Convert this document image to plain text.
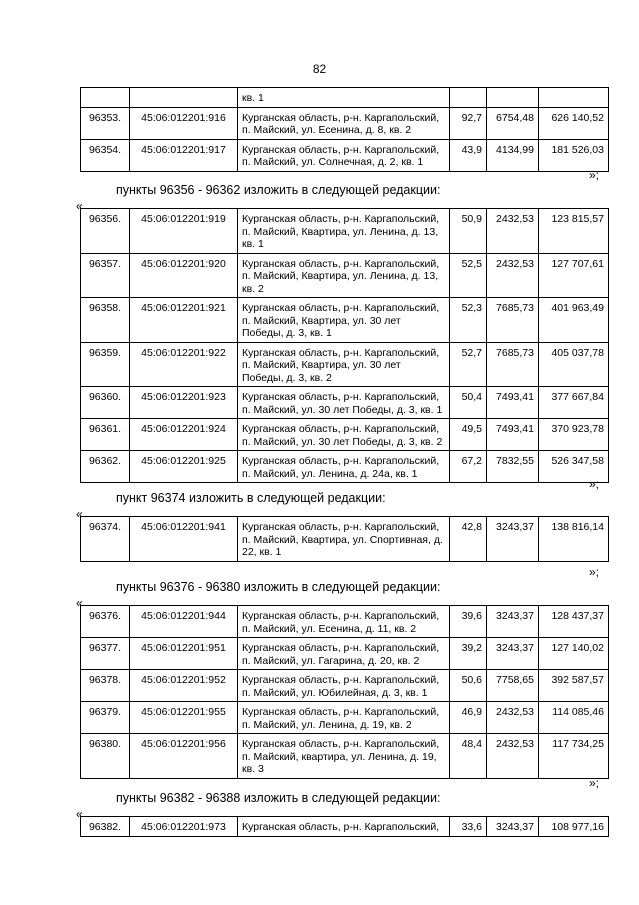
82
		кв. 1			
96353.	45:06:012201:916	Курганская область, р-н. Каргапольский, п. Майский, ул. Есенина, д. 8, кв. 2	92,7	6754,48	626 140,52
96354.	45:06:012201:917	Курганская область, р-н. Каргапольский, п. Майский, ул. Солнечная, д. 2, кв. 1	43,9	4134,99	181 526,03
»;
пункты 96356 - 96362 изложить в следующей редакции:
«
96356.	45:06:012201:919	Курганская область, р-н. Каргапольский, п. Майский, Квартира, ул. Ленина, д. 13, кв. 1	50,9	2432,53	123 815,57
96357.	45:06:012201:920	Курганская область, р-н. Каргапольский, п. Майский, Квартира, ул. Ленина, д. 13, кв. 2	52,5	2432,53	127 707,61
96358.	45:06:012201:921	Курганская область, р-н. Каргапольский, п. Майский, Квартира, ул. 30 лет Победы, д. 3, кв. 1	52,3	7685,73	401 963,49
96359.	45:06:012201:922	Курганская область, р-н. Каргапольский, п. Майский, Квартира, ул. 30 лет Победы, д. 3, кв. 2	52,7	7685,73	405 037,78
96360.	45:06:012201:923	Курганская область, р-н. Каргапольский, п. Майский, ул. 30 лет Победы, д. 3, кв. 1	50,4	7493,41	377 667,84
96361.	45:06:012201:924	Курганская область, р-н. Каргапольский, п. Майский, ул. 30 лет Победы, д. 3, кв. 2	49,5	7493,41	370 923,78
96362.	45:06:012201:925	Курганская область, р-н. Каргапольский, п. Майский, ул. Ленина, д. 24а, кв. 1	67,2	7832,55	526 347,58
»;
пункт 96374 изложить в следующей редакции:
«
96374.	45:06:012201:941	Курганская область, р-н. Каргапольский, п. Майский, Квартира, ул. Спортивная, д. 22, кв. 1	42,8	3243,37	138 816,14
»;
пункты 96376 - 96380 изложить в следующей редакции:
«
96376.	45:06:012201:944	Курганская область, р-н. Каргапольский, п. Майский, ул. Есенина, д. 11, кв. 2	39,6	3243,37	128 437,37
96377.	45:06:012201:951	Курганская область, р-н. Каргапольский, п. Майский, ул. Гагарина, д. 20, кв. 2	39,2	3243,37	127 140,02
96378.	45:06:012201:952	Курганская область, р-н. Каргапольский, п. Майский, ул. Юбилейная, д. 3, кв. 1	50,6	7758,65	392 587,57
96379.	45:06:012201:955	Курганская область, р-н. Каргапольский, п. Майский, ул. Ленина, д. 19, кв. 2	46,9	2432,53	114 085,46
96380.	45:06:012201:956	Курганская область, р-н. Каргапольский, п. Майский, квартира, ул. Ленина, д. 19, кв. 3	48,4	2432,53	117 734,25
»;
пункты 96382 - 96388 изложить в следующей редакции:
«
96382.	45:06:012201:973	Курганская область, р-н. Каргапольский,	33,6	3243,37	108 977,16
